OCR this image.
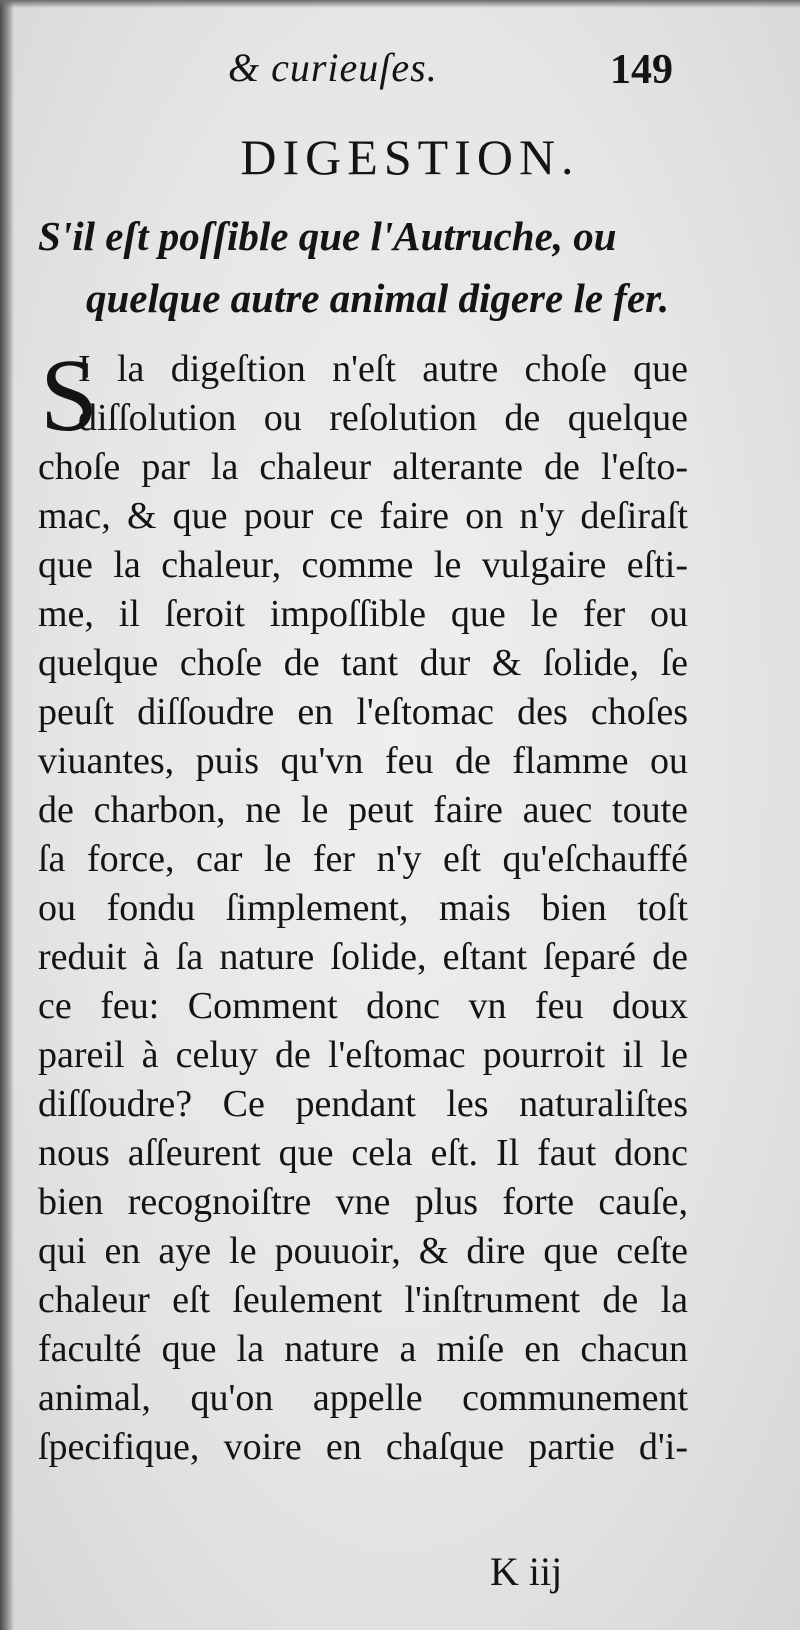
& curieuſes.	149
DIGESTION.
S'il eſt poſſible que l'Autruche, ou
quelque autre animal digere le fer.
S
I la digeſtion n'eſt autre choſe que
diſſolution ou reſolution de quelque
choſe par la chaleur alterante de l'eſto-
mac, & que pour ce faire on n'y deſiraſt
que la chaleur, comme le vulgaire eſti-
me, il ſeroit impoſſible que le fer ou
quelque choſe de tant dur & ſolide, ſe
peuſt diſſoudre en l'eſtomac des choſes
viuantes, puis qu'vn feu de flamme ou
de charbon, ne le peut faire auec toute
ſa force, car le fer n'y eſt qu'eſchauffé
ou fondu ſimplement, mais bien toſt
reduit à ſa nature ſolide, eſtant ſeparé de
ce feu: Comment donc vn feu doux
pareil à celuy de l'eſtomac pourroit il le
diſſoudre? Ce pendant les naturaliſtes
nous aſſeurent que cela eſt. Il faut donc
bien recognoiſtre vne plus forte cauſe,
qui en aye le pouuoir, & dire que ceſte
chaleur eſt ſeulement l'inſtrument de la
faculté que la nature a miſe en chacun
animal, qu'on appelle communement
ſpecifique, voire en chaſque partie d'i-
K iij
